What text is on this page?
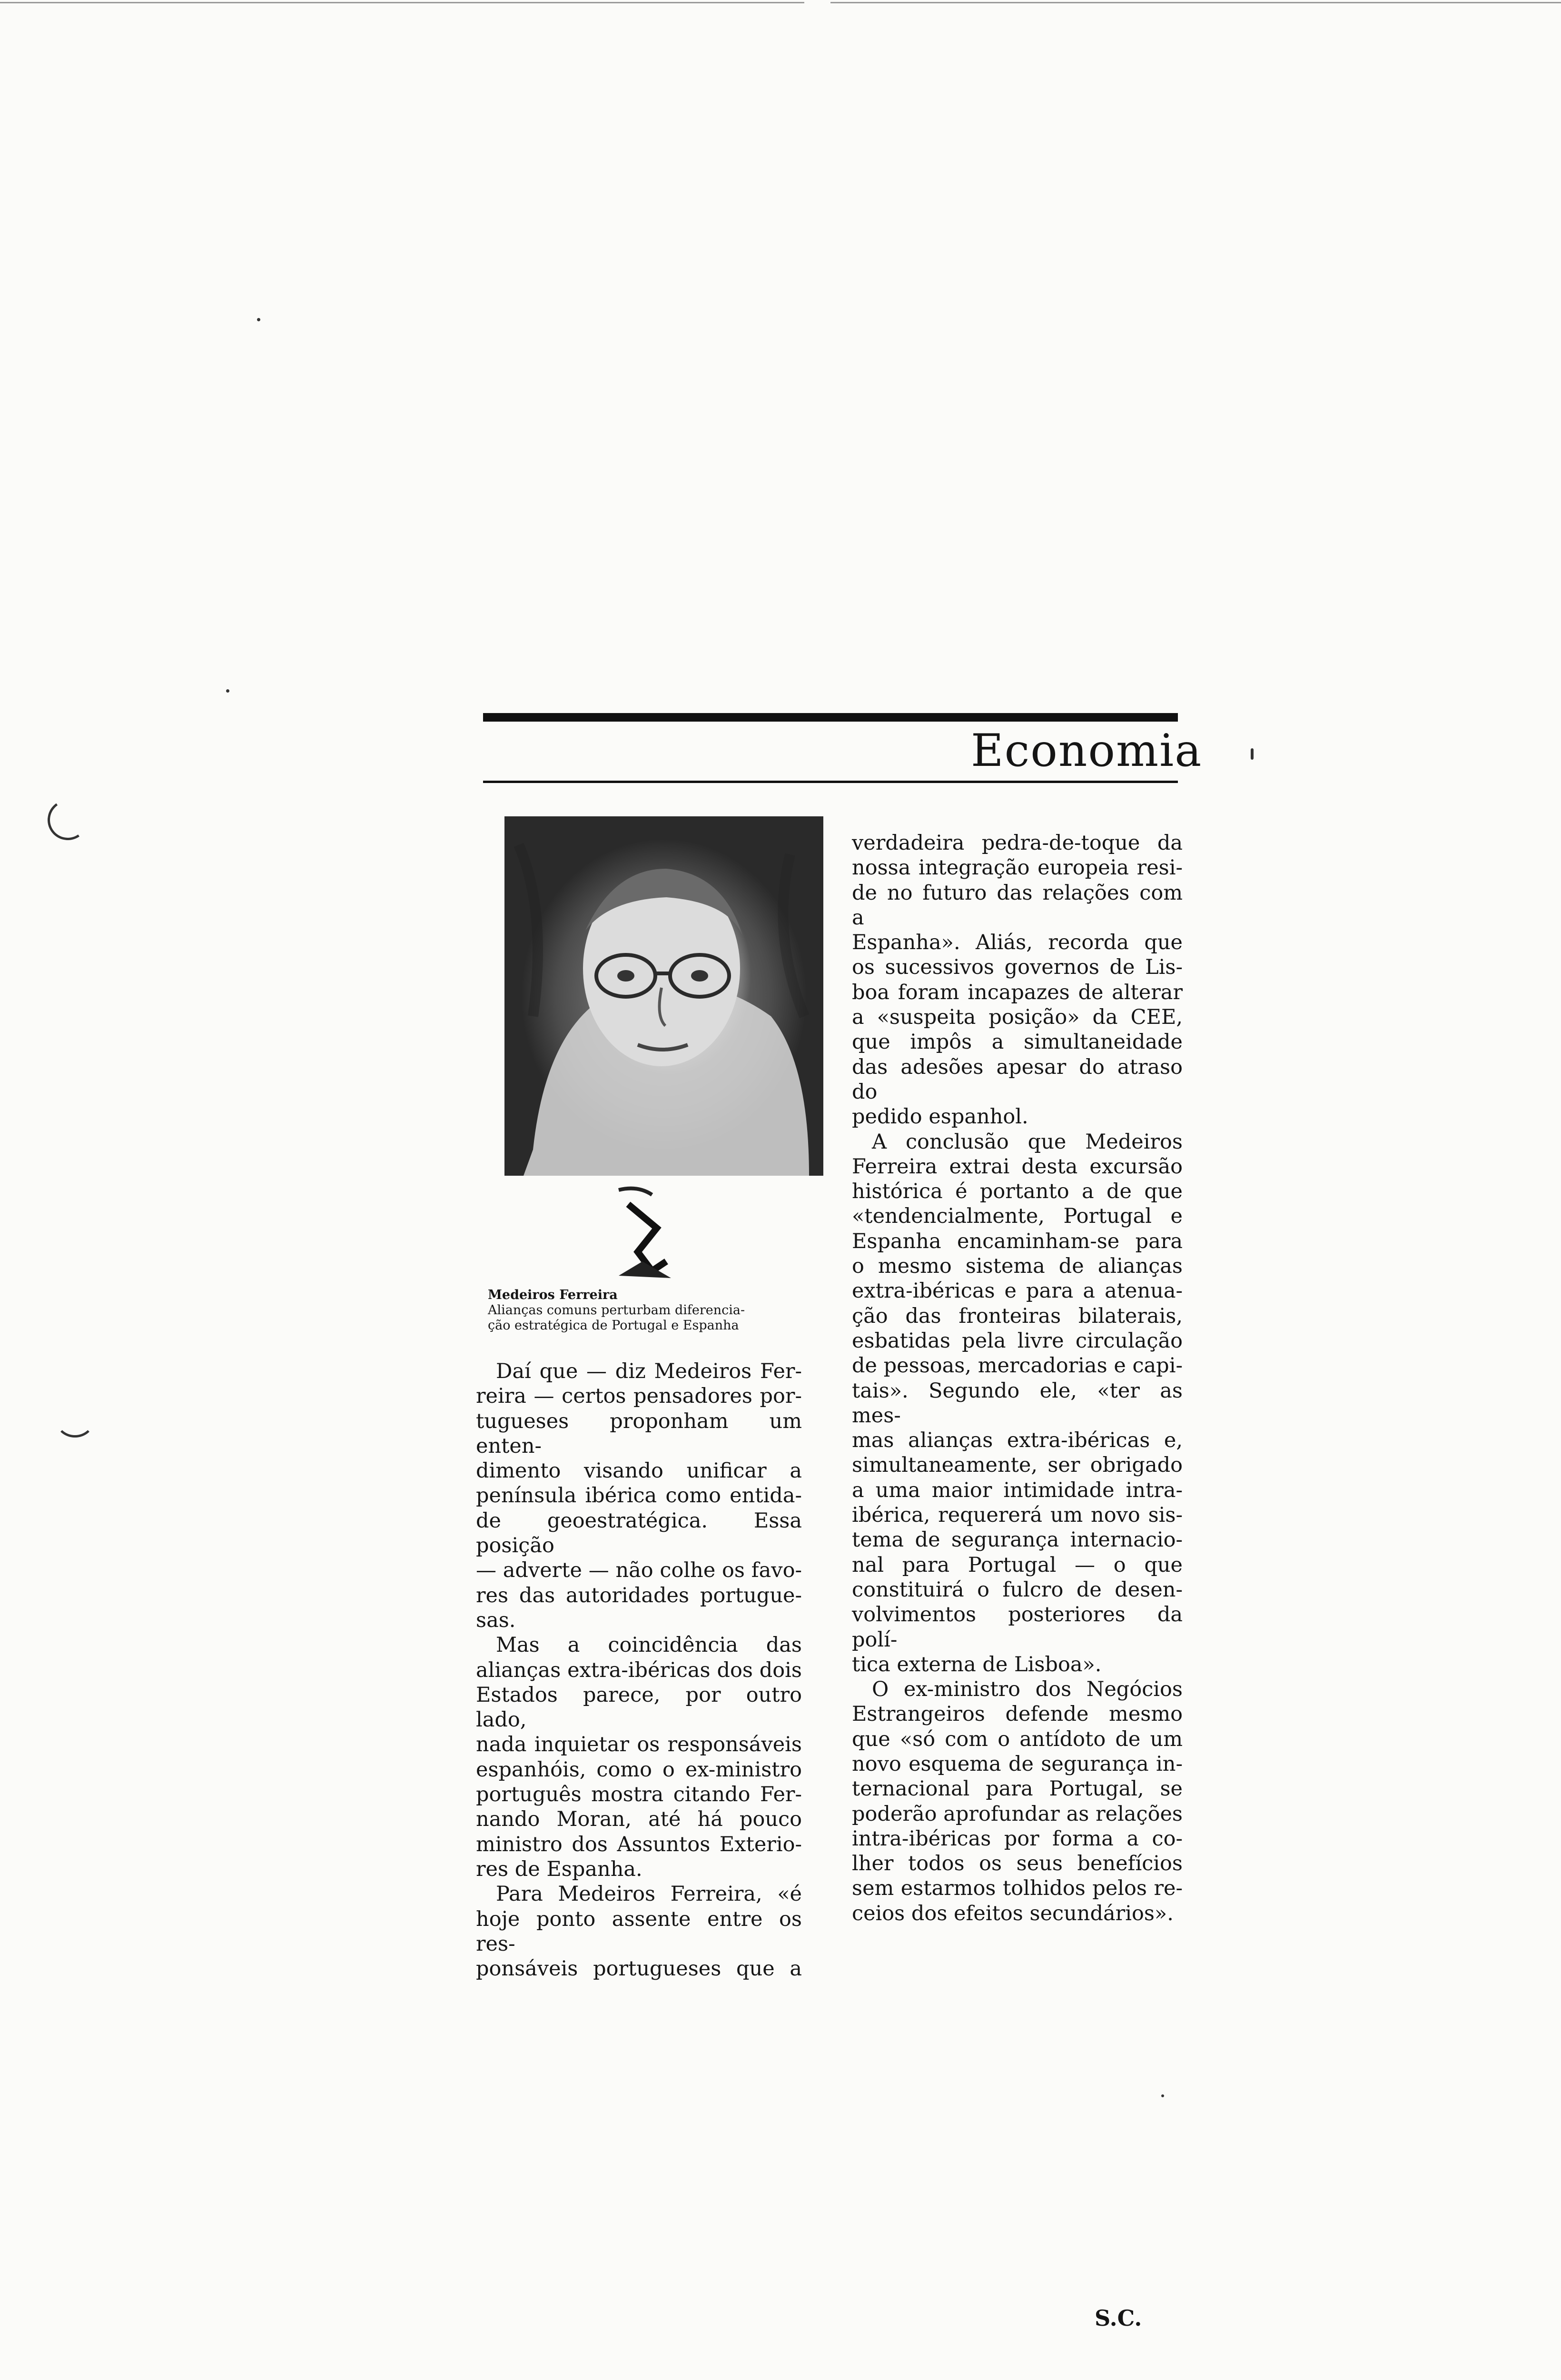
Economia
Medeiros Ferreira
Alianças comuns perturbam diferencia-
ção estratégica de Portugal e Espanha

Daí que — diz Medeiros Fer-

reira — certos pensadores por-

tugueses proponham um enten-

dimento visando unificar a

península ibérica como entida-

de geoestratégica. Essa posição

— adverte — não colhe os favo-

res das autoridades portugue-

sas.

Mas a coincidência das

alianças extra-ibéricas dos dois

Estados parece, por outro lado,

nada inquietar os responsáveis

espanhóis, como o ex-ministro

português mostra citando Fer-

nando Moran, até há pouco

ministro dos Assuntos Exterio-

res de Espanha.

Para Medeiros Ferreira, «é

hoje ponto assente entre os res-

ponsáveis portugueses que a

verdadeira pedra-de-toque da

nossa integração europeia resi-

de no futuro das relações com a

Espanha». Aliás, recorda que

os sucessivos governos de Lis-

boa foram incapazes de alterar

a «suspeita posição» da CEE,

que impôs a simultaneidade

das adesões apesar do atraso do

pedido espanhol.

A conclusão que Medeiros

Ferreira extrai desta excursão

histórica é portanto a de que

«tendencialmente, Portugal e

Espanha encaminham-se para

o mesmo sistema de alianças

extra-ibéricas e para a atenua-

ção das fronteiras bilaterais,

esbatidas pela livre circulação

de pessoas, mercadorias e capi-

tais». Segundo ele, «ter as mes-

mas alianças extra-ibéricas e,

simultaneamente, ser obrigado

a uma maior intimidade intra-

ibérica, requererá um novo sis-

tema de segurança internacio-

nal para Portugal — o que

constituirá o fulcro de desen-

volvimentos posteriores da polí-

tica externa de Lisboa».

O ex-ministro dos Negócios

Estrangeiros defende mesmo

que «só com o antídoto de um

novo esquema de segurança in-

ternacional para Portugal, se

poderão aprofundar as relações

intra-ibéricas por forma a co-

lher todos os seus benefícios

sem estarmos tolhidos pelos re-

ceios dos efeitos secundários».

S.C.
